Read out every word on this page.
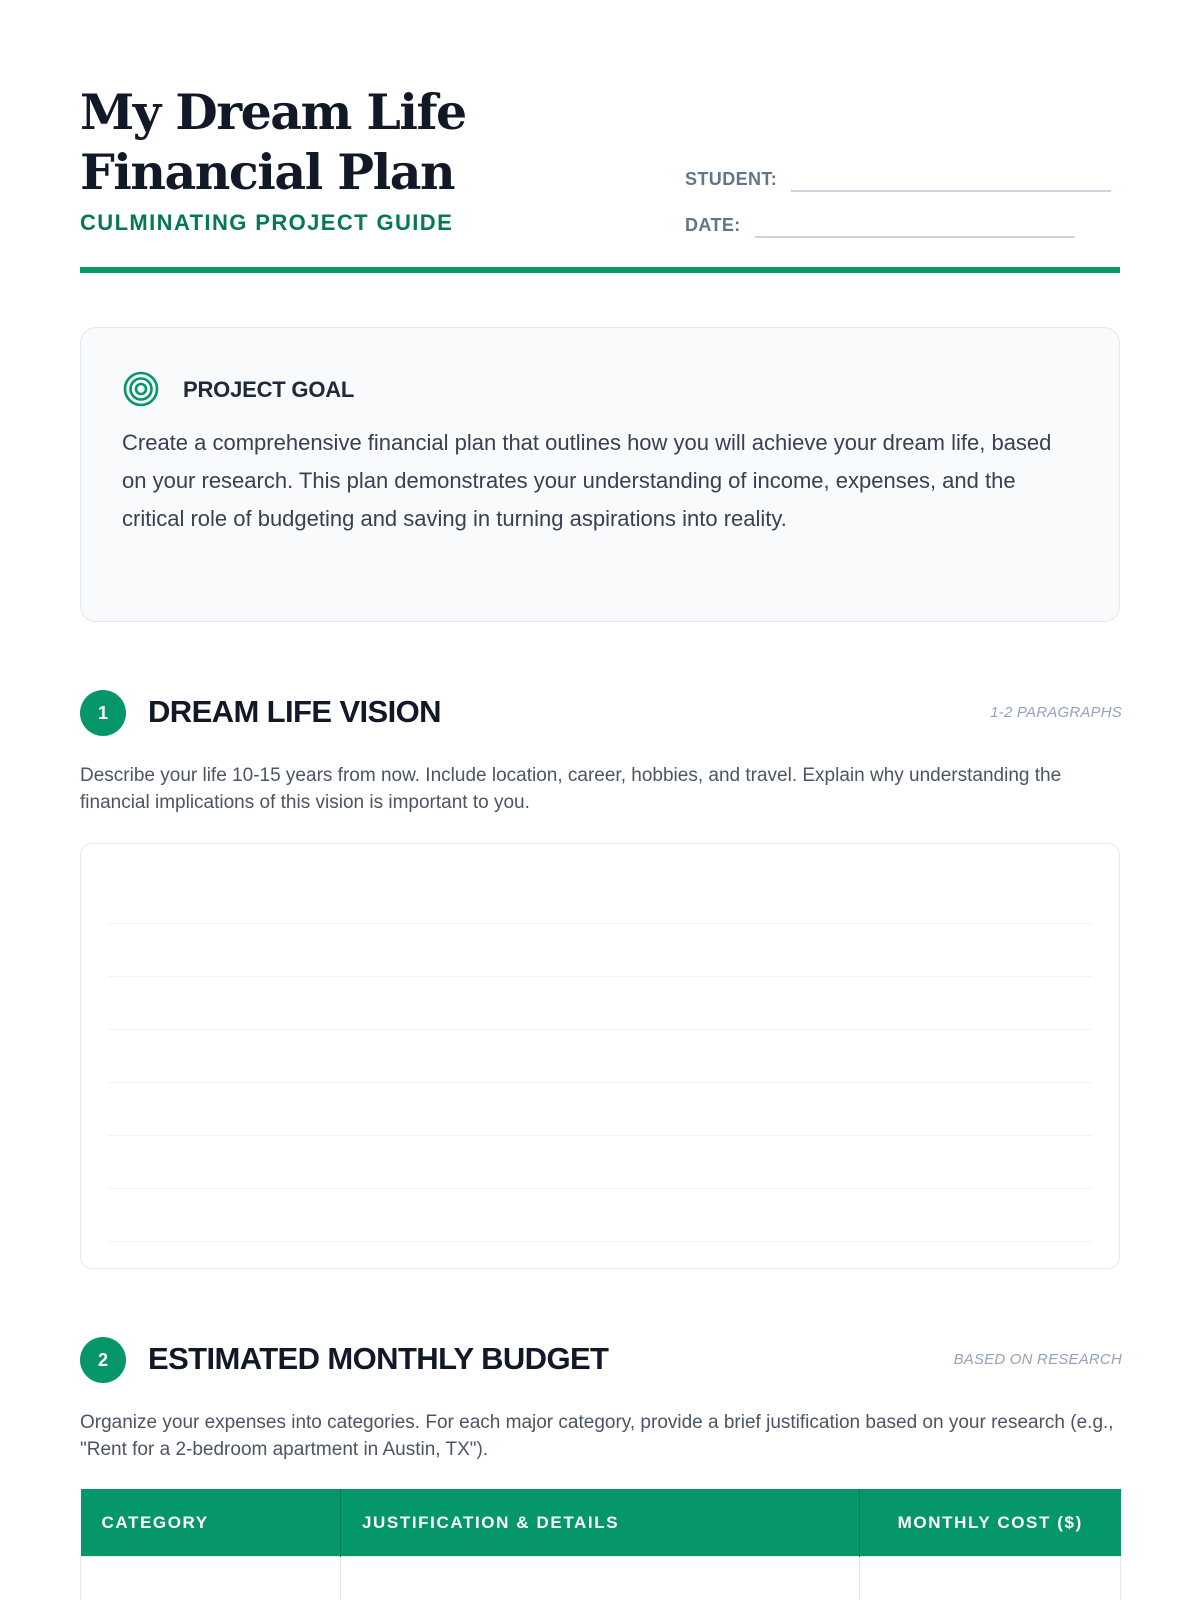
My Dream Life Financial Plan
CULMINATING PROJECT GUIDE
STUDENT:
DATE:
PROJECT GOAL

Create a comprehensive financial plan that outlines how you will achieve your dream life, based on your research. This plan demonstrates your understanding of income, expenses, and the critical role of budgeting and saving in turning aspirations into reality.

1	DREAM LIFE VISION	1-2 PARAGRAPHS

Describe your life 10-15 years from now. Include location, career, hobbies, and travel. Explain why understanding the financial implications of this vision is important to you.

2	ESTIMATED MONTHLY BUDGET	BASED ON RESEARCH

Organize your expenses into categories. For each major category, provide a brief justification based on your research (e.g., "Rent for a 2-bedroom apartment in Austin, TX").

CATEGORY	JUSTIFICATION & DETAILS	MONTHLY COST ($)
